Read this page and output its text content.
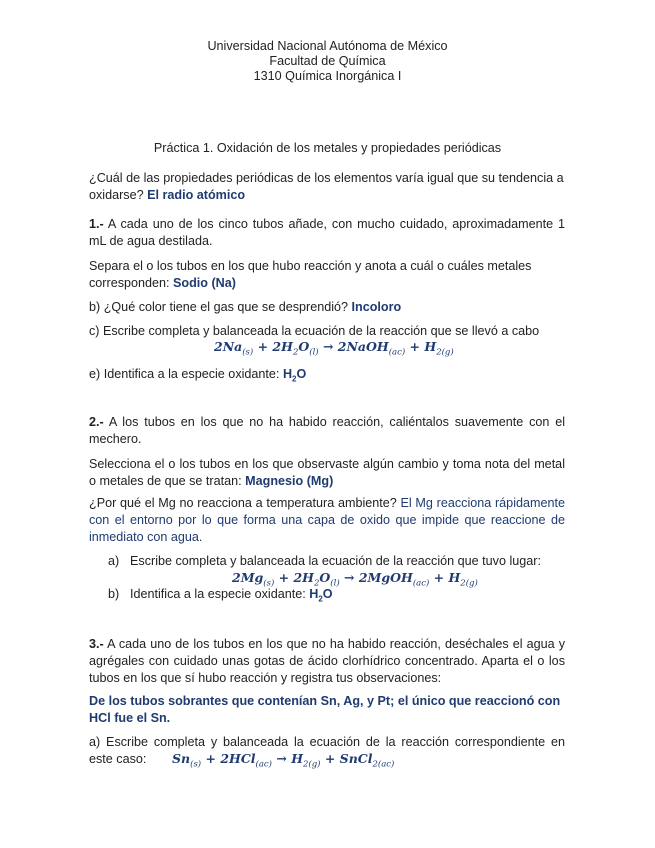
Universidad Nacional Autónoma de México
Facultad de Química
1310 Química Inorgánica I
Práctica 1. Oxidación de los metales y propiedades periódicas
¿Cuál de las propiedades periódicas de los elementos varía igual que su tendencia a oxidarse? El radio atómico
1.- A cada uno de los cinco tubos añade, con mucho cuidado, aproximadamente 1 mL de agua destilada.
Separa el o los tubos en los que hubo reacción y anota a cuál o cuáles metales corresponden: Sodio (Na)
b) ¿Qué color tiene el gas que se desprendió? Incoloro
c) Escribe completa y balanceada la ecuación de la reacción que se llevó a cabo
$2Na_{(s)} + 2H_2O_{(l)}$ → 2NaOH$_{(ac)}$ + $H_{2(g)}$
e) Identifica a la especie oxidante: $H_2O$
2.- A los tubos en los que no ha habido reacción, caliéntalos suavemente con el mechero.
Selecciona el o los tubos en los que observaste algún cambio y toma nota del metal o metales de que se tratan: Magnesio (Mg)
¿Por qué el Mg no reacciona a temperatura ambiente? El Mg reacciona rápidamente con el entorno por lo que forma una capa de oxido que impide que reaccione de inmediato con agua.
a) Escribe completa y balanceada la ecuación de la reacción que tuvo lugar:
$2Mg_{(s)} + 2H_2O_{(l)}$ → 2MgOH$_{(ac)}$ + $H_{2(g)}$
b) Identifica a la especie oxidante: $H_2O$
3.- A cada uno de los tubos en los que no ha habido reacción, deséchales el agua y agrégales con cuidado unas gotas de ácido clorhídrico concentrado. Aparta el o los tubos en los que sí hubo reacción y registra tus observaciones:
De los tubos sobrantes que contenían Sn, Ag, y Pt; el único que reaccionó con HCl fue el Sn.
a) Escribe completa y balanceada la ecuación de la reacción correspondiente en este caso:	$Sn_{(s)} + 2HCl_{(ac)} \to H_{2(g)}$ + SnCl$_{2(ac)}$
